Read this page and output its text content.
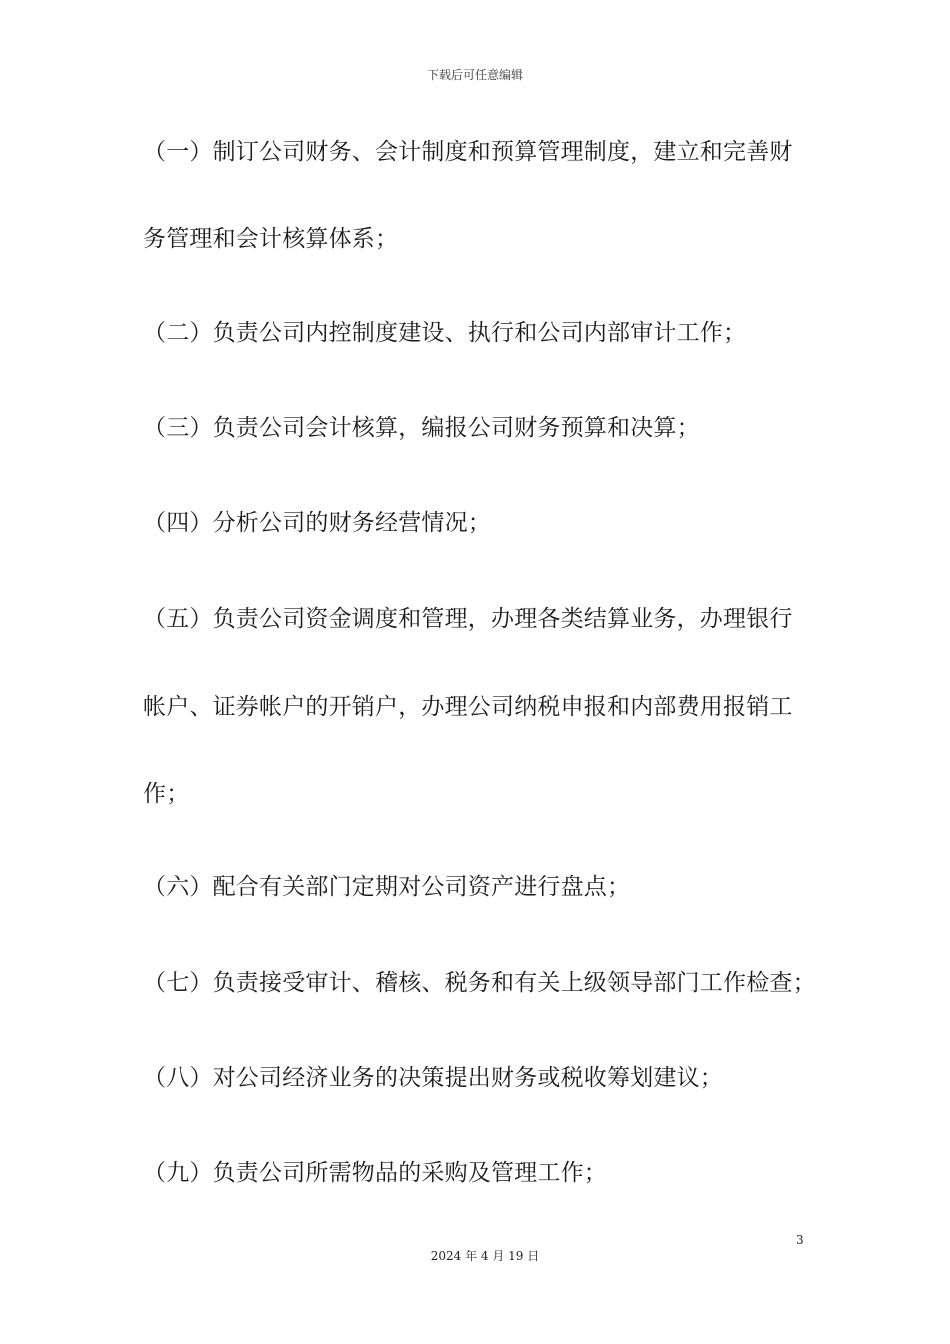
下载后可任意编辑
（一）制订公司财务、会计制度和预算管理制度，建立和完善财
务管理和会计核算体系；
（二）负责公司内控制度建设、执行和公司内部审计工作；
（三）负责公司会计核算，编报公司财务预算和决算；
（四）分析公司的财务经营情况；
（五）负责公司资金调度和管理，办理各类结算业务，办理银行
帐户、证券帐户的开销户，办理公司纳税申报和内部费用报销工
作；
（六）配合有关部门定期对公司资产进行盘点；
（七）负责接受审计、稽核、税务和有关上级领导部门工作检查；
（八）对公司经济业务的决策提出财务或税收筹划建议；
（九）负责公司所需物品的采购及管理工作；
3
2024 年 4 月 19 日
